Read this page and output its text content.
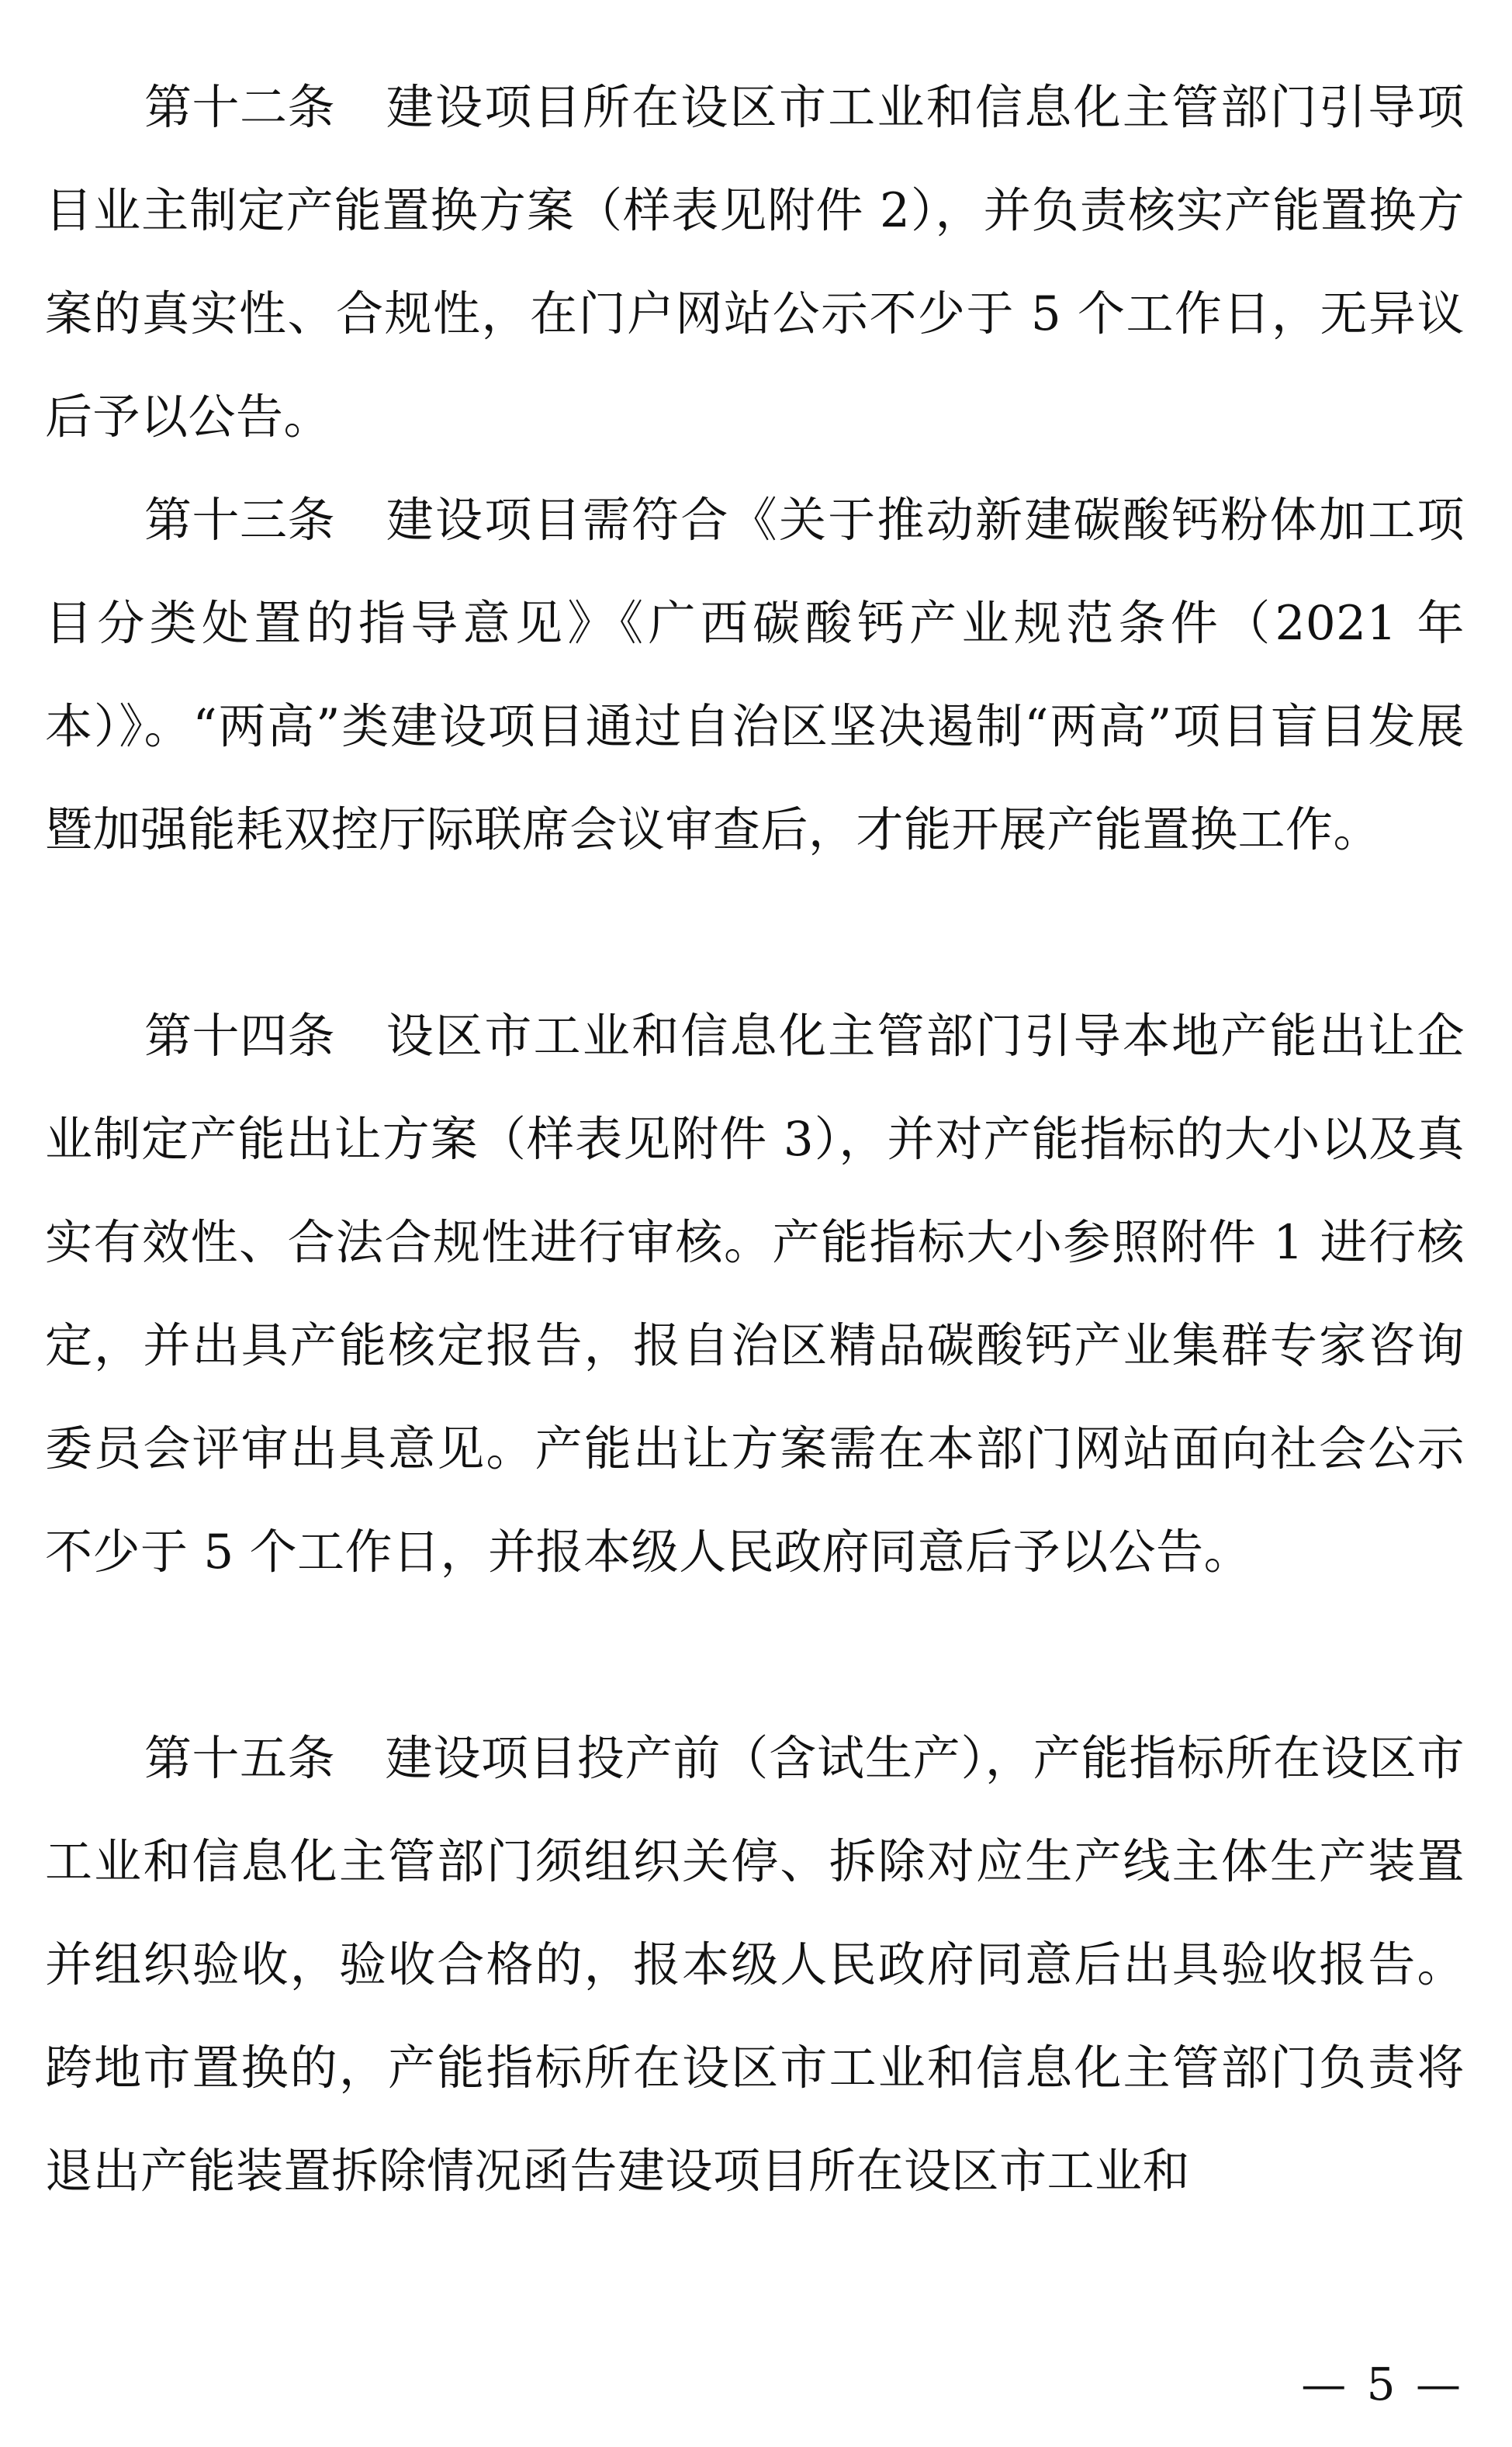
第十二条 建设项目所在设区市工业和信息化主管部门引导项目业主制定产能置换方案（样表见附件 2），并负责核实产能置换方案的真实性、合规性，在门户网站公示不少于 5 个工作日，无异议后予以公告。

第十三条 建设项目需符合《关于推动新建碳酸钙粉体加工项目分类处置的指导意见》《广西碳酸钙产业规范条件（2021 年本）》。“两高”类建设项目通过自治区坚决遏制“两高”项目盲目发展暨加强能耗双控厅际联席会议审查后，才能开展产能置换工作。

第十四条 设区市工业和信息化主管部门引导本地产能出让企业制定产能出让方案（样表见附件 3），并对产能指标的大小以及真实有效性、合法合规性进行审核。产能指标大小参照附件 1 进行核定，并出具产能核定报告，报自治区精品碳酸钙产业集群专家咨询委员会评审出具意见。产能出让方案需在本部门网站面向社会公示不少于 5 个工作日，并报本级人民政府同意后予以公告。

第十五条 建设项目投产前（含试生产），产能指标所在设区市工业和信息化主管部门须组织关停、拆除对应生产线主体生产装置并组织验收，验收合格的，报本级人民政府同意后出具验收报告。跨地市置换的，产能指标所在设区市工业和信息化主管部门负责将退出产能装置拆除情况函告建设项目所在设区市工业和

— 5 —
